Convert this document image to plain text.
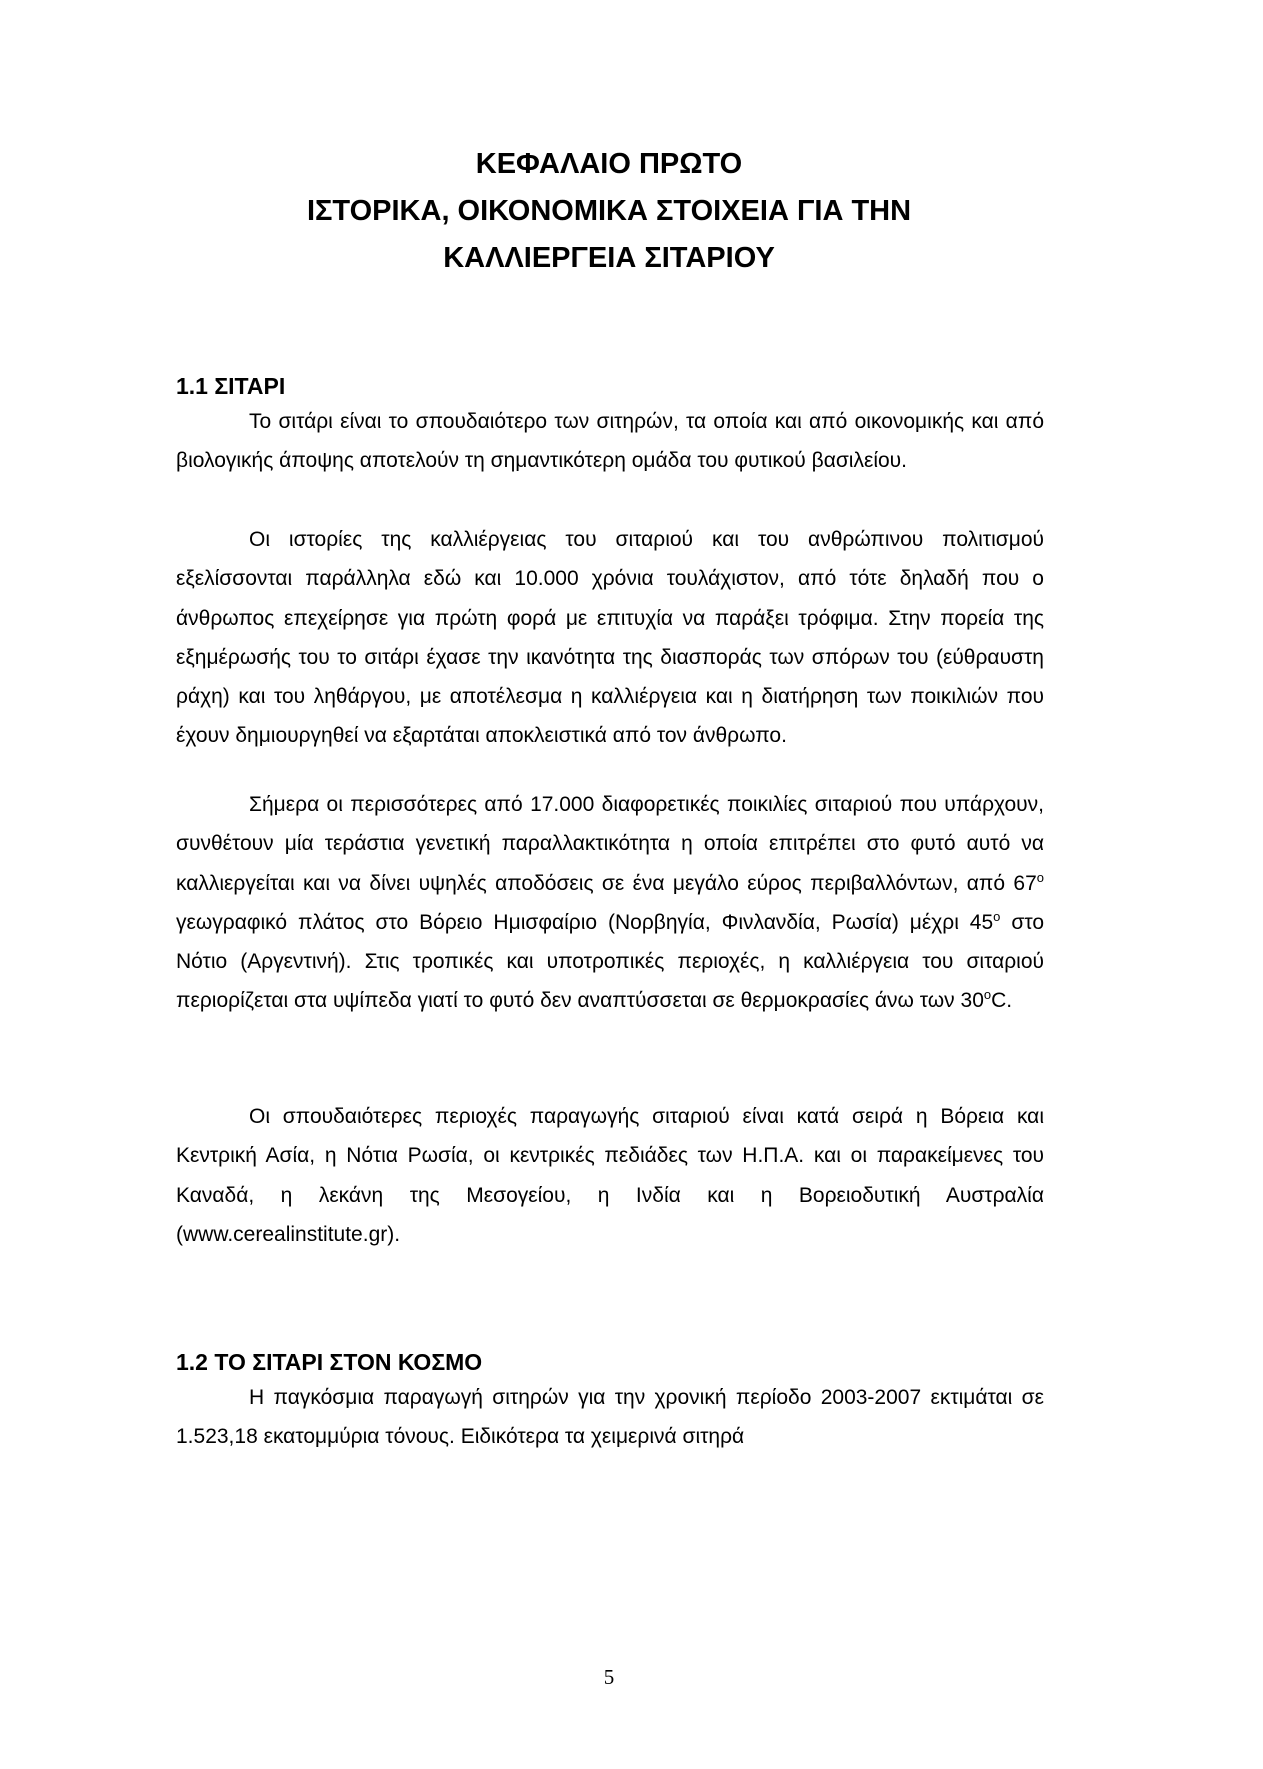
ΚΕΦΑΛΑΙΟ ΠΡΩΤΟ
ΙΣΤΟΡΙΚΑ, ΟΙΚΟΝΟΜΙΚΑ ΣΤΟΙΧΕΙΑ ΓΙΑ ΤΗΝ
ΚΑΛΛΙΕΡΓΕΙΑ ΣΙΤΑΡΙΟΥ
1.1 ΣΙΤΑΡΙ

Το σιτάρι είναι το σπουδαιότερο των σιτηρών, τα οποία και από οικονομικής και από βιολογικής άποψης αποτελούν τη σημαντικότερη ομάδα του φυτικού βασιλείου.

Οι ιστορίες της καλλιέργειας του σιταριού και του ανθρώπινου πολιτισμού εξελίσσονται παράλληλα εδώ και 10.000 χρόνια τουλάχιστον, από τότε δηλαδή που ο άνθρωπος επεχείρησε για πρώτη φορά με επιτυχία να παράξει τρόφιμα. Στην πορεία της εξημέρωσής του το σιτάρι έχασε την ικανότητα της διασποράς των σπόρων του (εύθραυστη ράχη) και του ληθάργου, με αποτέλεσμα η καλλιέργεια και η διατήρηση των ποικιλιών που έχουν δημιουργηθεί να εξαρτάται αποκλειστικά από τον άνθρωπο.

Σήμερα οι περισσότερες από 17.000 διαφορετικές ποικιλίες σιταριού που υπάρχουν, συνθέτουν μία τεράστια γενετική παραλλακτικότητα η οποία επιτρέπει στο φυτό αυτό να καλλιεργείται και να δίνει υψηλές αποδόσεις σε ένα μεγάλο εύρος περιβαλλόντων, από $67^o$ γεωγραφικό πλάτος στο Βόρειο Ημισφαίριο (Νορβηγία, Φινλανδία, Ρωσία) μέχρι $45^o$ στο Νότιο (Αργεντινή). Στις τροπικές και υποτροπικές περιοχές, η καλλιέργεια του σιταριού περιορίζεται στα υψίπεδα γιατί το φυτό δεν αναπτύσσεται σε θερμοκρασίες άνω των $30^oC$.

Οι σπουδαιότερες περιοχές παραγωγής σιταριού είναι κατά σειρά η Βόρεια και Κεντρική Ασία, η Νότια Ρωσία, οι κεντρικές πεδιάδες των Η.Π.Α. και οι παρακείμενες του Καναδά, η λεκάνη της Μεσογείου, η Ινδία και η Βορειοδυτική Αυστραλία (www.cerealinstitute.gr).

1.2 ΤΟ ΣΙΤΑΡΙ ΣΤΟΝ ΚΟΣΜΟ

Η παγκόσμια παραγωγή σιτηρών για την χρονική περίοδο 2003-2007 εκτιμάται σε 1.523,18 εκατομμύρια τόνους. Ειδικότερα τα χειμερινά σιτηρά

5
